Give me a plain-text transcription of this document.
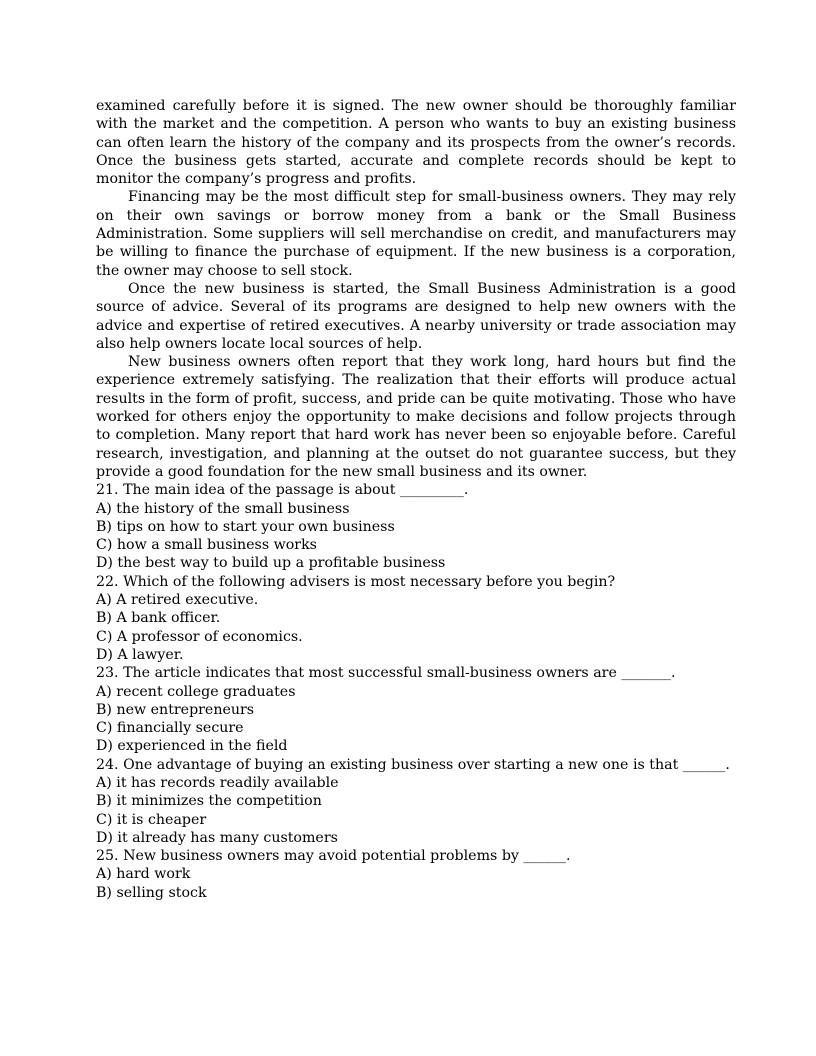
examined carefully before it is signed. The new owner should be thoroughly familiar with the market and the competition. A person who wants to buy an existing business can often learn the history of the company and its prospects from the owner’s records. Once the business gets started, accurate and complete records should be kept to monitor the company’s progress and profits.

Financing may be the most difficult step for small-business owners. They may rely on their own savings or borrow money from a bank or the Small Business Administration. Some suppliers will sell merchandise on credit, and manufacturers may be willing to finance the purchase of equipment. If the new business is a corporation, the owner may choose to sell stock.

Once the new business is started, the Small Business Administration is a good source of advice. Several of its programs are designed to help new owners with the advice and expertise of retired executives. A nearby university or trade association may also help owners locate local sources of help.

New business owners often report that they work long, hard hours but find the experience extremely satisfying. The realization that their efforts will produce actual results in the form of profit, success, and pride can be quite motivating. Those who have worked for others enjoy the opportunity to make decisions and follow projects through to completion. Many report that hard work has never been so enjoyable before. Careful research, investigation, and planning at the outset do not guarantee success, but they provide a good foundation for the new small business and its owner.

21. The main idea of the passage is about _________.

A) the history of the small business

B) tips on how to start your own business

C) how a small business works

D) the best way to build up a profitable business

22. Which of the following advisers is most necessary before you begin?

A) A retired executive.

B) A bank officer.

C) A professor of economics.

D) A lawyer.

23. The article indicates that most successful small-business owners are _______.

A) recent college graduates

B) new entrepreneurs

C) financially secure

D) experienced in the field

24. One advantage of buying an existing business over starting a new one is that ______.

A) it has records readily available

B) it minimizes the competition

C) it is cheaper

D) it already has many customers

25. New business owners may avoid potential problems by ______.

A) hard work

B) selling stock
